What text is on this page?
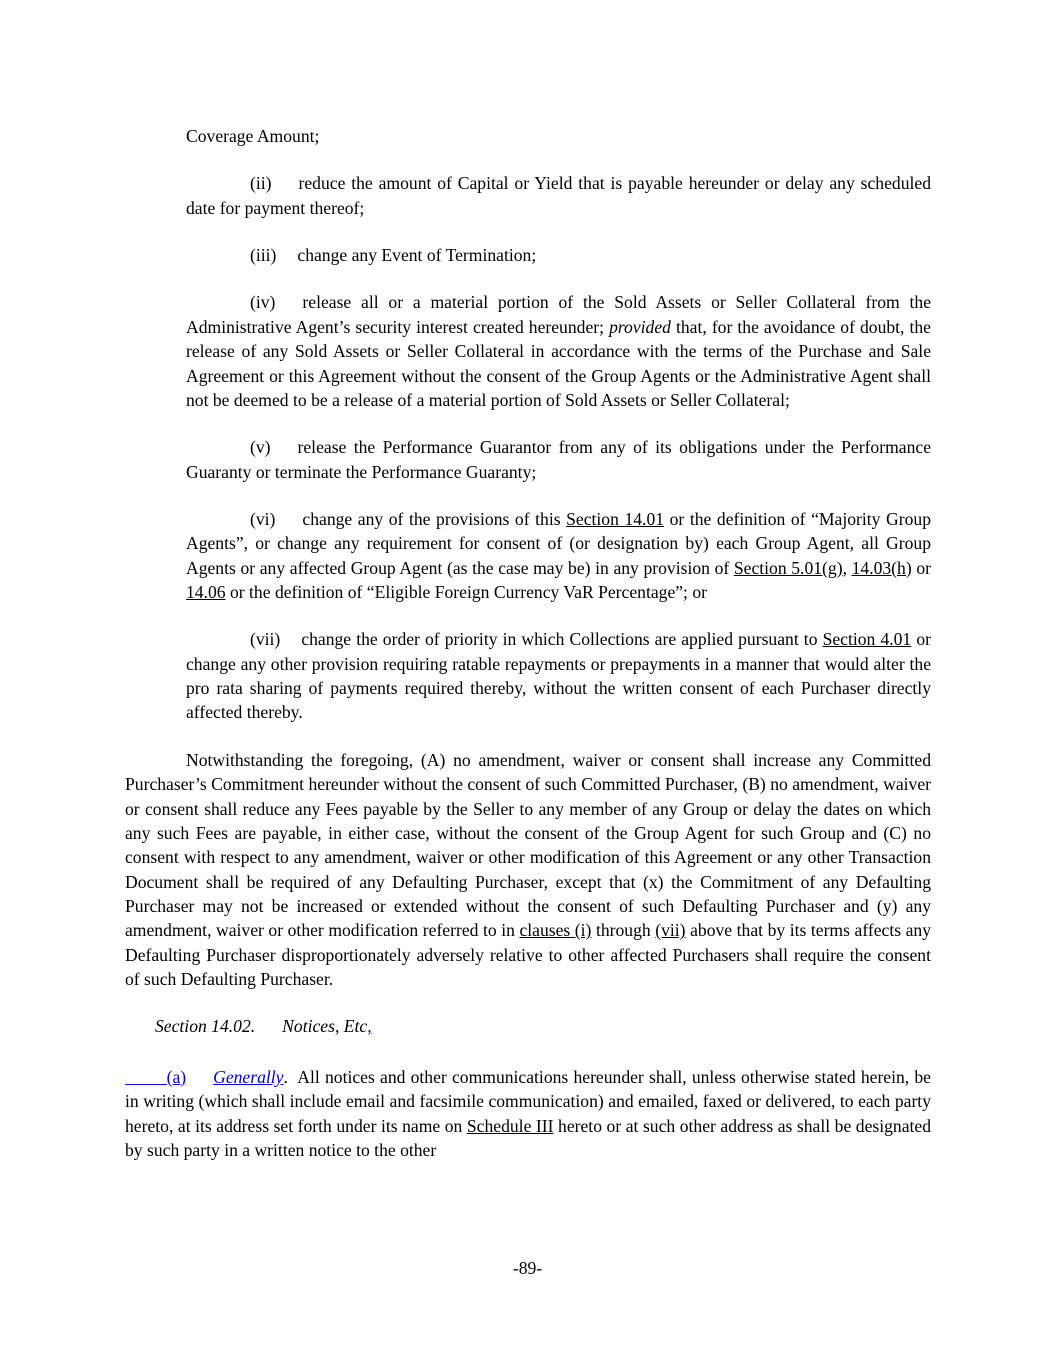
Coverage Amount;

(ii) reduce the amount of Capital or Yield that is payable hereunder or delay any scheduled date for payment thereof;

(iii) change any Event of Termination;

(iv) release all or a material portion of the Sold Assets or Seller Collateral from the Administrative Agent’s security interest created hereunder; provided that, for the avoidance of doubt, the release of any Sold Assets or Seller Collateral in accordance with the terms of the Purchase and Sale Agreement or this Agreement without the consent of the Group Agents or the Administrative Agent shall not be deemed to be a release of a material portion of Sold Assets or Seller Collateral;

(v) release the Performance Guarantor from any of its obligations under the Performance Guaranty or terminate the Performance Guaranty;

(vi) change any of the provisions of this Section 14.01 or the definition of “Majority Group Agents”, or change any requirement for consent of (or designation by) each Group Agent, all Group Agents or any affected Group Agent (as the case may be) in any provision of Section 5.01(g), 14.03(h) or 14.06 or the definition of “Eligible Foreign Currency VaR Percentage”; or

(vii) change the order of priority in which Collections are applied pursuant to Section 4.01 or change any other provision requiring ratable repayments or prepayments in a manner that would alter the pro rata sharing of payments required thereby, without the written consent of each Purchaser directly affected thereby.

Notwithstanding the foregoing, (A) no amendment, waiver or consent shall increase any Committed Purchaser’s Commitment hereunder without the consent of such Committed Purchaser, (B) no amendment, waiver or consent shall reduce any Fees payable by the Seller to any member of any Group or delay the dates on which any such Fees are payable, in either case, without the consent of the Group Agent for such Group and (C) no consent with respect to any amendment, waiver or other modification of this Agreement or any other Transaction Document shall be required of any Defaulting Purchaser, except that (x) the Commitment of any Defaulting Purchaser may not be increased or extended without the consent of such Defaulting Purchaser and (y) any amendment, waiver or other modification referred to in clauses (i) through (vii) above that by its terms affects any Defaulting Purchaser disproportionately adversely relative to other affected Purchasers shall require the consent of such Defaulting Purchaser.

Section 14.02. Notices, Etc,

(a) Generally.  All notices and other communications hereunder shall, unless otherwise stated herein, be in writing (which shall include email and facsimile communication) and emailed, faxed or delivered, to each party hereto, at its address set forth under its name on Schedule III hereto or at such other address as shall be designated by such party in a written notice to the other

-89-
